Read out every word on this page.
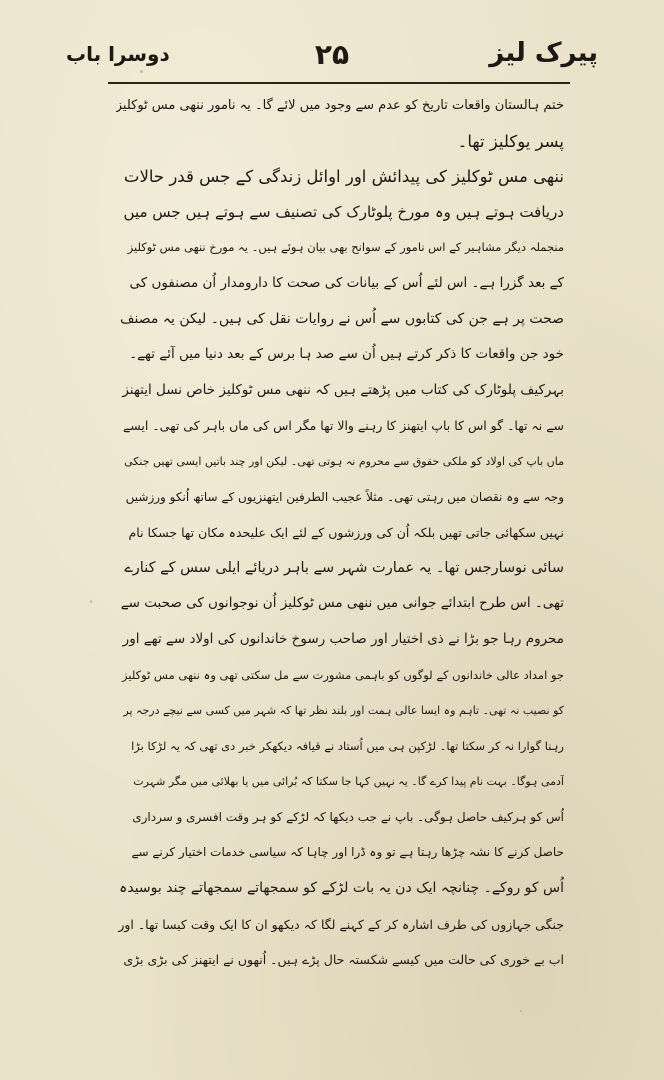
پیرک لیز
۲۵
دوسرا باب
ختم ہالستان واقعات تاریخ کو عدم سے وجود میں لائے گا۔ یہ نامور ننھی مس ٹوکلیز
پسر یوکلیز تھا۔
ننھی مس ٹوکلیز کی پیدائش اور اوائل زندگی کے جس قدر حالات
دریافت ہوتے ہیں وہ مورخ پلوٹارک کی تصنیف سے ہوتے ہیں جس میں
منجملہ دیگر مشاہیر کے اس نامور کے سوانح بھی بیان ہوئے ہیں۔ یہ مورخ ننھی مس ٹوکلیز
کے بعد گزرا ہے۔ اس لئے اُس کے بیانات کی صحت کا دارومدار اُن مصنفوں کی
صحت پر ہے جن کی کتابوں سے اُس نے روایات نقل کی ہیں۔ لیکن یہ مصنف
خود جن واقعات کا ذکر کرتے ہیں اُن سے صد ہا برس کے بعد دنیا میں آئے تھے۔
بہرکیف پلوٹارک کی کتاب میں پڑھتے ہیں کہ ننھی مس ٹوکلیز خاص نسل ایتھنز
سے نہ تھا۔ گو اس کا باپ ایتھنز کا رہنے والا تھا مگر اس کی ماں باہر کی تھی۔ ایسے
ماں باپ کی اولاد کو ملکی حقوق سے محروم نہ ہوتی تھی۔ لیکن اور چند باتیں ایسی تھیں جنکی
وجہ سے وہ نقصان میں رہتی تھی۔ مثلاً عجیب الطرفین ایتھنزیوں کے ساتھ اُنکو ورزشیں
نہیں سکھائی جاتی تھیں بلکہ اُن کی ورزشوں کے لئے ایک علیحدہ مکان تھا جسکا نام
سائی نوسارجس تھا۔ یہ عمارت شہر سے باہر دریائے ایلی سس کے کنارے
تھی۔ اس طرح ابتدائے جوانی میں ننھی مس ٹوکلیز اُن نوجوانوں کی صحبت سے
محروم رہا جو بڑا نے ذی اختیار اور صاحب رسوخ خاندانوں کی اولاد سے تھے اور
جو امداد عالی خاندانوں کے لوگوں کو باہمی مشورت سے مل سکتی تھی وہ ننھی مس ٹوکلیز
کو نصیب نہ تھی۔ تاہم وہ ایسا عالی ہمت اور بلند نظر تھا کہ شہر میں کسی سے نیچے درجہ پر
رہنا گوارا نہ کر سکتا تھا۔ لڑکپن ہی میں اُستاد نے قیافہ دیکھکر خبر دی تھی کہ یہ لڑکا بڑا
آدمی ہوگا۔ بہت نام پیدا کرے گا۔ یہ نہیں کہا جا سکتا کہ بُرائی میں یا بھلائی میں مگر شہرت
اُس کو ہرکیف حاصل ہوگی۔ باپ نے جب دیکھا کہ لڑکے کو ہر وقت افسری و سرداری
حاصل کرنے کا نشہ چڑھا رہتا ہے تو وہ ڈرا اور چاہا کہ سیاسی خدمات اختیار کرنے سے
اُس کو روکے۔ چنانچہ ایک دن یہ بات لڑکے کو سمجھاتے سمجھاتے چند بوسیدہ
جنگی جہازوں کی طرف اشارہ کر کے کہنے لگا کہ دیکھو ان کا ایک وقت کیسا تھا۔ اور
اب بے خوری کی حالت میں کیسے شکستہ حال پڑے ہیں۔ اُنھوں نے ایتھنز کی بڑی بڑی
